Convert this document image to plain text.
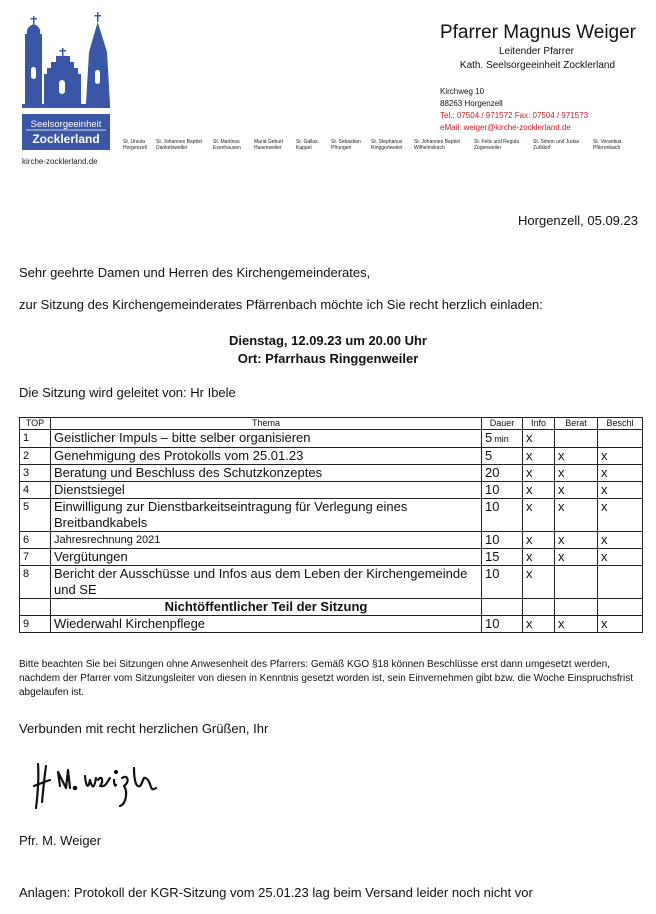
Seelsorgeeinheit
Zocklerland
kirche-zocklerland.de
St. Ursula
Horgenzell
St. Johannes Baptist
Danketsweiler
St. Martinus
Esenhausen
Mariä Geburt
Hasenweiler
St. Gallus
Kappel
St. Sebastian
Pfrungen
St. Stephanus
Ringgenweiler
St. Johannes Baptist
Wilhelmskirch
St. Felix und Regula
Zogenweiler
St. Simon und Judas
Zußdorf
St. Verantius
Pfärrenbach
Pfarrer Magnus Weiger
Leitender Pfarrer
Kath. Seelsorgeeinheit Zocklerland
Kirchweg 10
88263 Horgenzell
Tel.: 07504 / 971572 Fax: 07504 / 971573
eMail: weiger@kirche-zocklerland.de
Horgenzell, 05.09.23
Sehr geehrte Damen und Herren des Kirchengemeinderates,
zur Sitzung des Kirchengemeinderates Pfärrenbach möchte ich Sie recht herzlich einladen:
Dienstag, 12.09.23 um 20.00 Uhr
Ort: Pfarrhaus Ringgenweiler
Die Sitzung wird geleitet von: Hr Ibele
TOP	Thema	Dauer	Info	Berat	Beschl
1	Geistlicher Impuls – bitte selber organisieren	5 min	x		
2	Genehmigung des Protokolls vom 25.01.23	5	x	x	x
3	Beratung und Beschluss des Schutzkonzeptes	20	x	x	x
4	Dienstsiegel	10	x	x	x
5	Einwilligung zur Dienstbarkeitseintragung für Verlegung eines Breitbandkabels	10	x	x	x
6	Jahresrechnung 2021	10	x	x	x
7	Vergütungen	15	x	x	x
8	Bericht der Ausschüsse und Infos aus dem Leben der Kirchengemeinde und SE	10	x		
	Nichtöffentlicher Teil der Sitzung				
9	Wiederwahl Kirchenpflege	10	x	x	x
Bitte beachten Sie bei Sitzungen ohne Anwesenheit des Pfarrers: Gemäß KGO §18 können Beschlüsse erst dann umgesetzt werden, nachdem der Pfarrer vom Sitzungsleiter von diesen in Kenntnis gesetzt worden ist, sein Einvernehmen gibt bzw. die Woche Einspruchsfrist abgelaufen ist.
Verbunden mit recht herzlichen Grüßen, Ihr
Pfr. M. Weiger
Anlagen: Protokoll der KGR-Sitzung vom 25.01.23 lag beim Versand leider noch nicht vor
